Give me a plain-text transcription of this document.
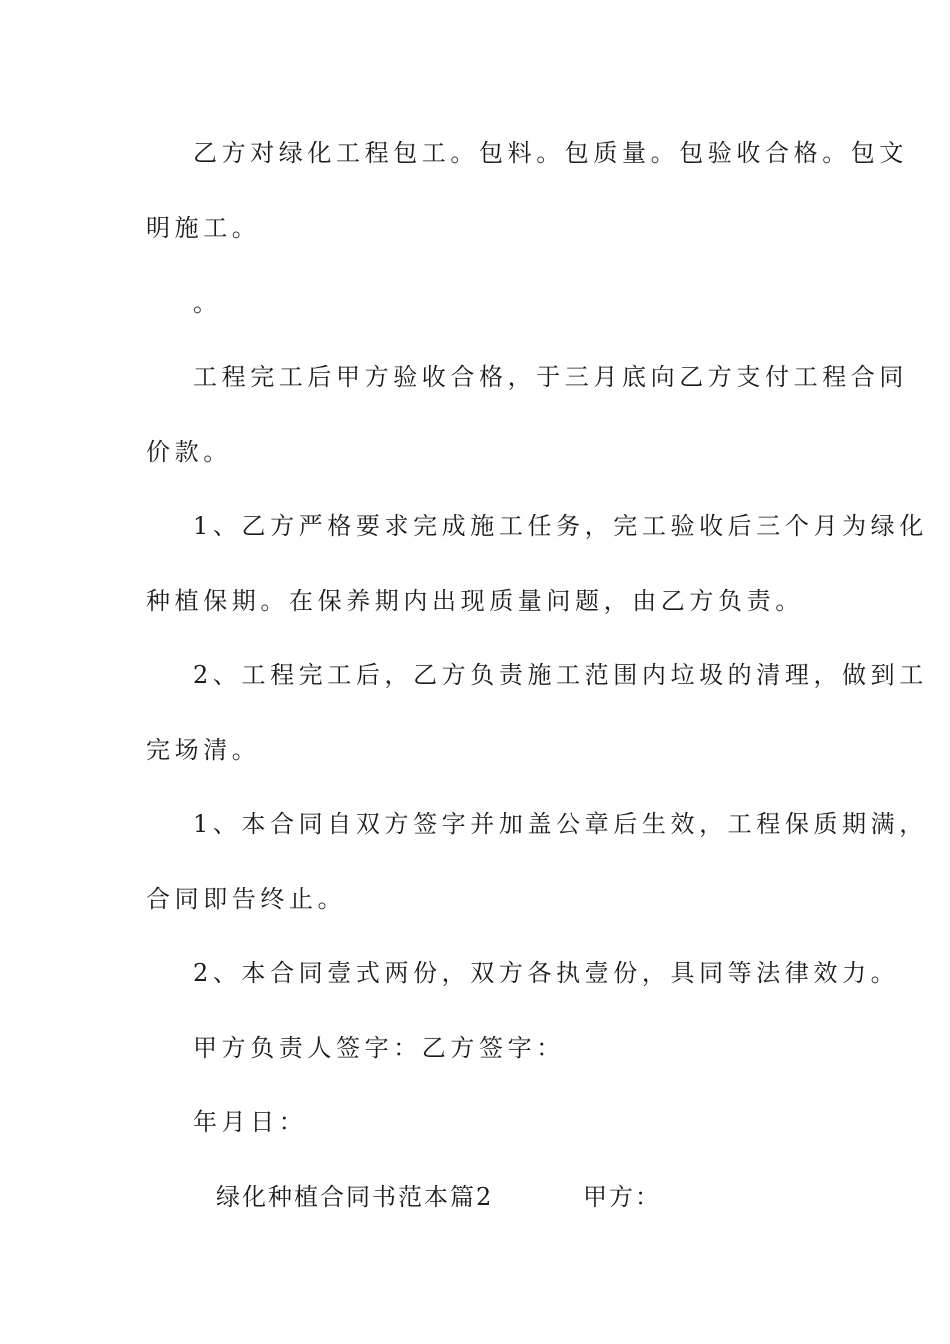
乙方对绿化工程包工。包料。包质量。包验收合格。包文
明施工。
。
工程完工后甲方验收合格，于三月底向乙方支付工程合同
价款。
1、乙方严格要求完成施工任务，完工验收后三个月为绿化
种植保期。在保养期内出现质量问题，由乙方负责。
2、工程完工后，乙方负责施工范围内垃圾的清理，做到工
完场清。
1、本合同自双方签字并加盖公章后生效，工程保质期满，
合同即告终止。
2、本合同壹式两份，双方各执壹份，具同等法律效力。
甲方负责人签字：乙方签字：
年月日：
绿化种植合同书范本篇2	甲方：
